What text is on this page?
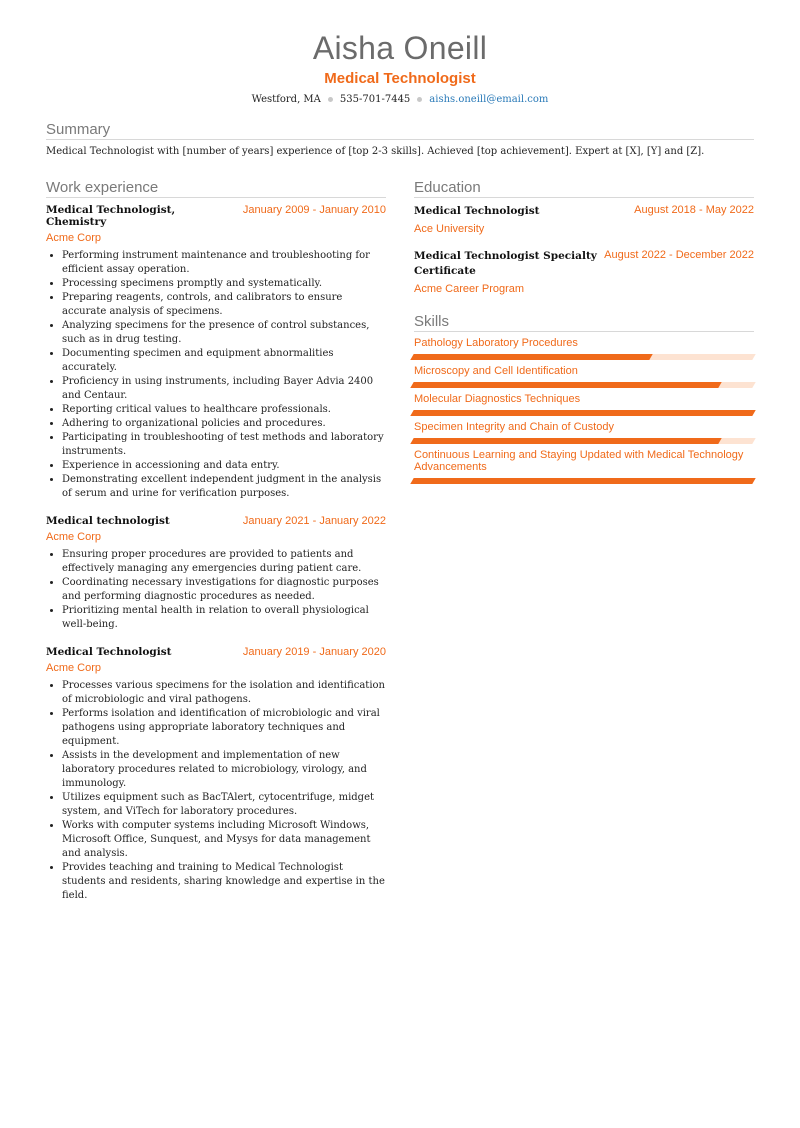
Aisha Oneill
Medical Technologist
Westford, MA 535-701-7445 aishs.oneill@email.com
Summary
Medical Technologist with [number of years] experience of [top 2-3 skills]. Achieved [top achievement]. Expert at [X], [Y] and [Z].
Work experience
Medical Technologist, Chemistry
January 2009 - January 2010
Acme Corp
• Performing instrument maintenance and troubleshooting for efficient assay operation.
• Processing specimens promptly and systematically.
• Preparing reagents, controls, and calibrators to ensure accurate analysis of specimens.
• Analyzing specimens for the presence of control substances, such as in drug testing.
• Documenting specimen and equipment abnormalities accurately.
• Proficiency in using instruments, including Bayer Advia 2400 and Centaur.
• Reporting critical values to healthcare professionals.
• Adhering to organizational policies and procedures.
• Participating in troubleshooting of test methods and laboratory instruments.
• Experience in accessioning and data entry.
• Demonstrating excellent independent judgment in the analysis of serum and urine for verification purposes.
Medical technologist	January 2021 - January 2022
Acme Corp
• Ensuring proper procedures are provided to patients and effectively managing any emergencies during patient care.
• Coordinating necessary investigations for diagnostic purposes and performing diagnostic procedures as needed.
• Prioritizing mental health in relation to overall physiological well-being.
Medical Technologist	January 2019 - January 2020
Acme Corp
• Processes various specimens for the isolation and identification of microbiologic and viral pathogens.
• Performs isolation and identification of microbiologic and viral pathogens using appropriate laboratory techniques and equipment.
• Assists in the development and implementation of new laboratory procedures related to microbiology, virology, and immunology.
• Utilizes equipment such as BacTAlert, cytocentrifuge, midget system, and ViTech for laboratory procedures.
• Works with computer systems including Microsoft Windows, Microsoft Office, Sunquest, and Mysys for data management and analysis.
• Provides teaching and training to Medical Technologist students and residents, sharing knowledge and expertise in the field.
Education
Medical Technologist	August 2018 - May 2022
Ace University
Medical Technologist Specialty Certificate
August 2022 - December 2022
Acme Career Program
Skills
Pathology Laboratory Procedures
Microscopy and Cell Identification
Molecular Diagnostics Techniques
Specimen Integrity and Chain of Custody
Continuous Learning and Staying Updated with Medical Technology Advancements
